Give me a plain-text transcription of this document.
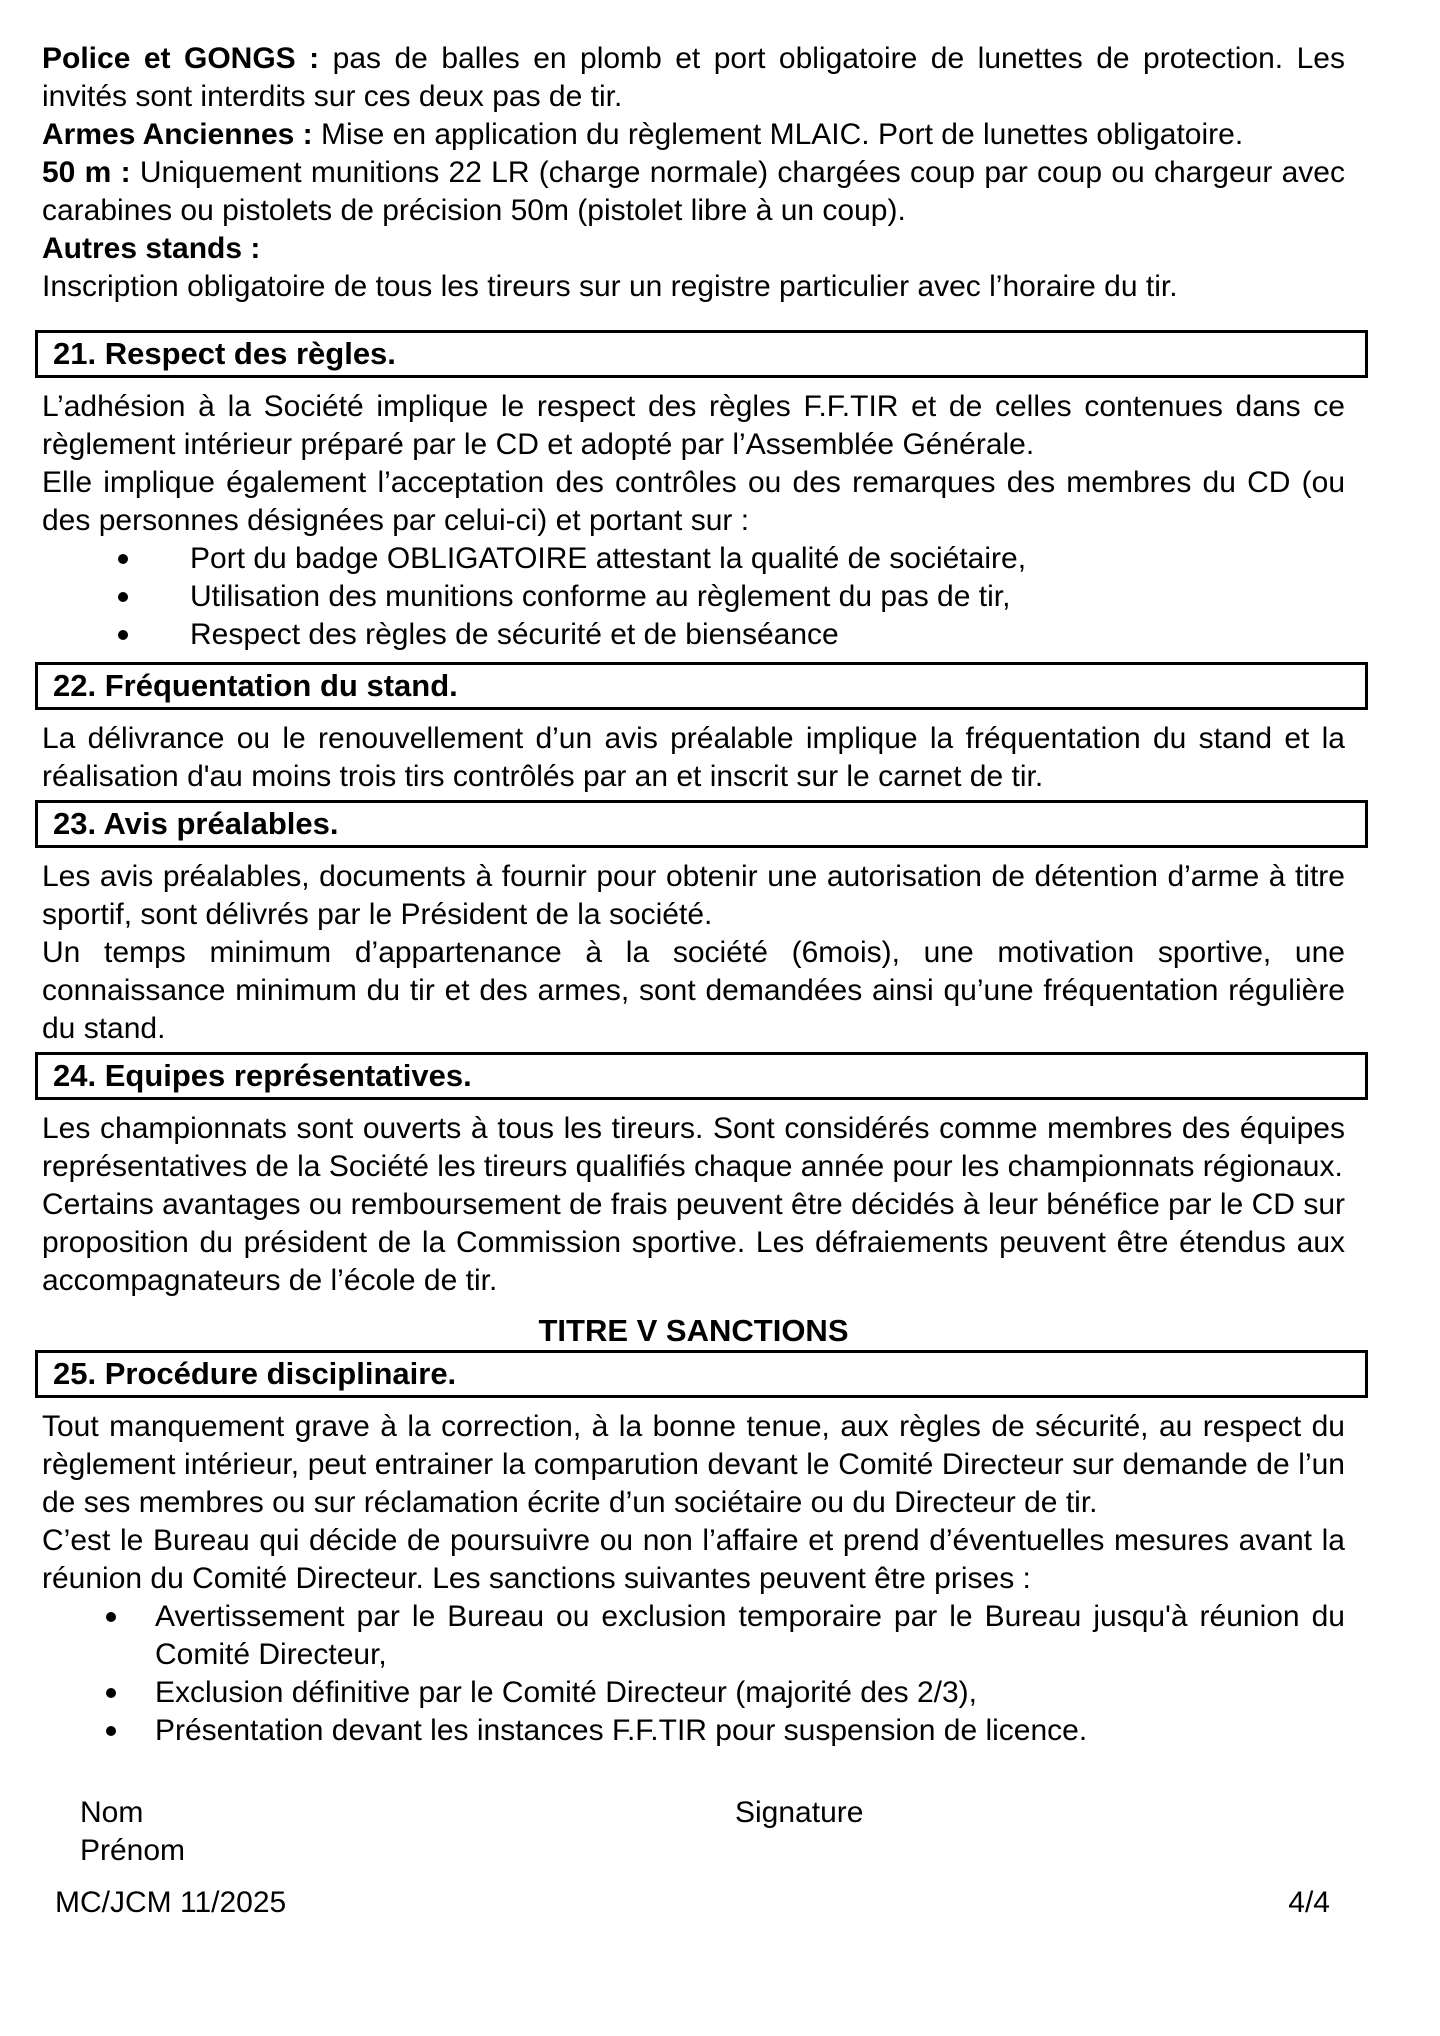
Police et GONGS : pas de balles en plomb et port obligatoire de lunettes de protection. Les invités sont interdits sur ces deux pas de tir.

Armes Anciennes : Mise en application du règlement MLAIC. Port de lunettes obligatoire.

50 m : Uniquement munitions 22 LR (charge normale) chargées coup par coup ou chargeur avec carabines ou pistolets de précision 50m (pistolet libre à un coup).

Autres stands :

Inscription obligatoire de tous les tireurs sur un registre particulier avec l’horaire du tir.

21. Respect des règles.

L’adhésion à la Société implique le respect des règles F.F.TIR et de celles contenues dans ce règlement intérieur préparé par le CD et adopté par l’Assemblée Générale.

Elle implique également l’acceptation des contrôles ou des remarques des membres du CD (ou des personnes désignées par celui-ci) et portant sur :

Port du badge OBLIGATOIRE attestant la qualité de sociétaire,
Utilisation des munitions conforme au règlement du pas de tir,
Respect des règles de sécurité et de bienséance
22. Fréquentation du stand.

La délivrance ou le renouvellement d’un avis préalable implique la fréquentation du stand et la réalisation d'au moins trois tirs contrôlés par an et inscrit sur le carnet de tir.

23. Avis préalables.

Les avis préalables, documents à fournir pour obtenir une autorisation de détention d’arme à titre sportif, sont délivrés par le Président de la société.

Un temps minimum d’appartenance à la société (6mois), une motivation sportive, une connaissance minimum du tir et des armes, sont demandées ainsi qu’une fréquentation régulière du stand.

24. Equipes représentatives.

Les championnats sont ouverts à tous les tireurs. Sont considérés comme membres des équipes représentatives de la Société les tireurs qualifiés chaque année pour les championnats régionaux.

Certains avantages ou remboursement de frais peuvent être décidés à leur bénéfice par le CD sur proposition du président de la Commission sportive. Les défraiements peuvent être étendus aux accompagnateurs de l’école de tir.

TITRE V SANCTIONS
25. Procédure disciplinaire.

Tout manquement grave à la correction, à la bonne tenue, aux règles de sécurité, au respect du règlement intérieur, peut entrainer la comparution devant le Comité Directeur sur demande de l’un de ses membres ou sur réclamation écrite d’un sociétaire ou du Directeur de tir.

C’est le Bureau qui décide de poursuivre ou non l’affaire et prend d’éventuelles mesures avant la réunion du Comité Directeur. Les sanctions suivantes peuvent être prises :

Avertissement par le Bureau ou exclusion temporaire par le Bureau jusqu'à réunion du Comité Directeur,
Exclusion définitive par le Comité Directeur (majorité des 2/3),
Présentation devant les instances F.F.TIR pour suspension de licence.
Nom	Signature
Prénom
MC/JCM 11/2025	4/4
